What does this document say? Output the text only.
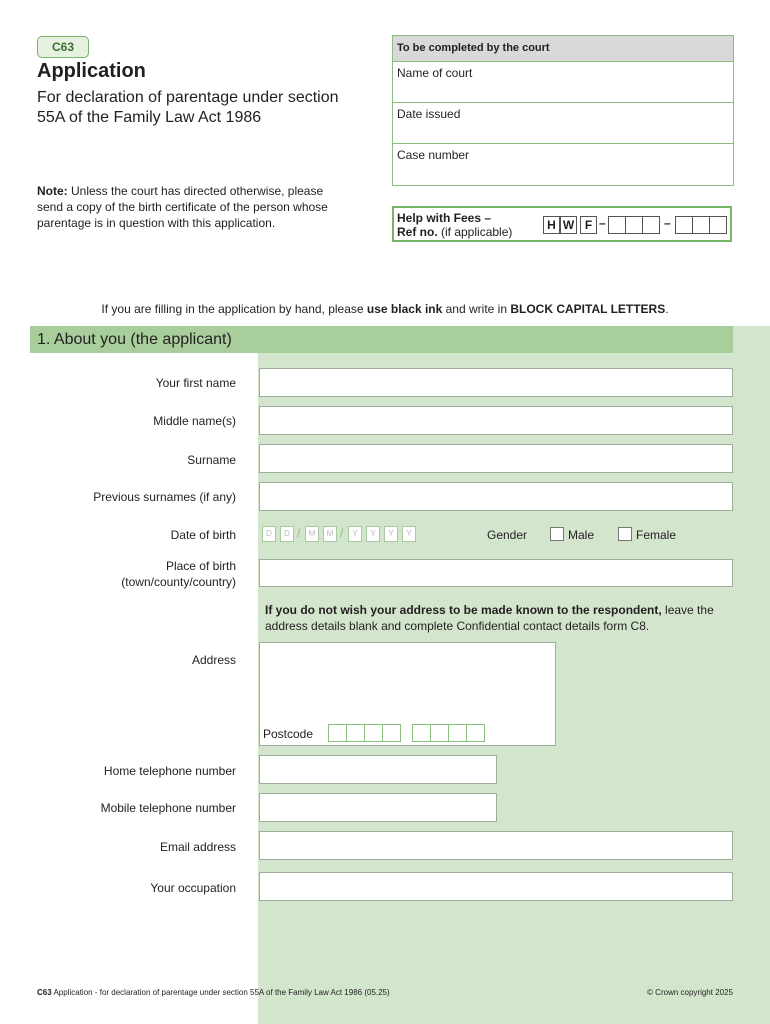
C63
Application
For declaration of parentage under section 55A of the Family Law Act 1986
Note: Unless the court has directed otherwise, please send a copy of the birth certificate of the person whose parentage is in question with this application.
To be completed by the court
Name of court
Date issued
Case number
Help with Fees –
Ref no. (if applicable)	H W F –	–
If you are filling in the application by hand, please use black ink and write in BLOCK CAPITAL LETTERS.
1. About you (the applicant)
Your first name
Middle name(s)
Surname
Previous surnames (if any)
Date of birth	D	D /	M	M /	Y	Y	Y	Y	Gender	Male	Female
Place of birth
(town/county/country)
If you do not wish your address to be made known to the respondent, leave the address details blank and complete Confidential contact details form C8.
Address
Postcode
Home telephone number
Mobile telephone number
Email address
Your occupation
C63 Application - for declaration of parentage under section 55A of the Family Law Act 1986 (05.25)	© Crown copyright 2025
